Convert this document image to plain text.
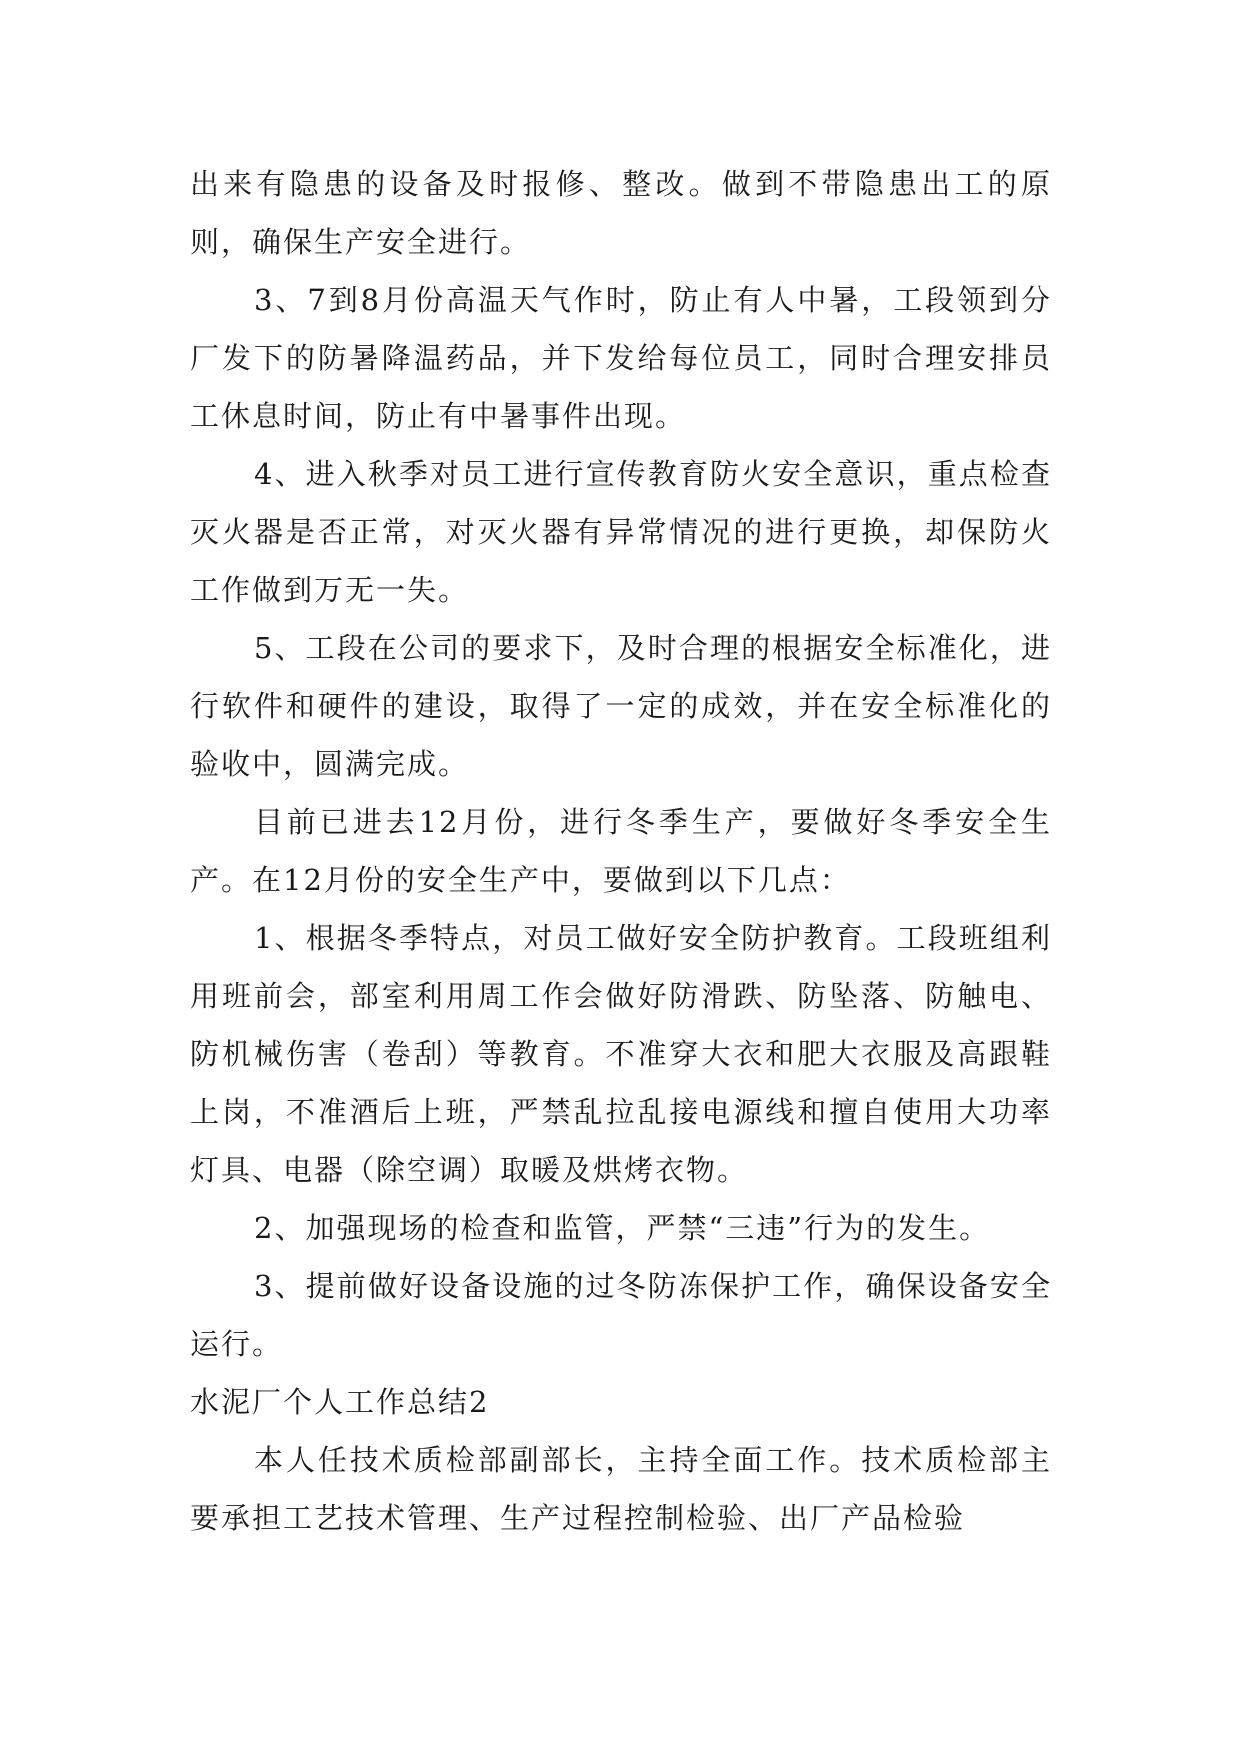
出来有隐患的设备及时报修、整改。做到不带隐患出工的原则，确保生产安全进行。

3、7到8月份高温天气作时，防止有人中暑，工段领到分厂发下的防暑降温药品，并下发给每位员工，同时合理安排员工休息时间，防止有中暑事件出现。

4、进入秋季对员工进行宣传教育防火安全意识，重点检查灭火器是否正常，对灭火器有异常情况的进行更换，却保防火工作做到万无一失。

5、工段在公司的要求下，及时合理的根据安全标准化，进行软件和硬件的建设，取得了一定的成效，并在安全标准化的验收中，圆满完成。

目前已进去12月份，进行冬季生产，要做好冬季安全生产。在12月份的安全生产中，要做到以下几点：

1、根据冬季特点，对员工做好安全防护教育。工段班组利用班前会，部室利用周工作会做好防滑跌、防坠落、防触电、防机械伤害（卷刮）等教育。不准穿大衣和肥大衣服及高跟鞋上岗，不准酒后上班，严禁乱拉乱接电源线和擅自使用大功率灯具、电器（除空调）取暖及烘烤衣物。

2、加强现场的检查和监管，严禁“三违”行为的发生。

3、提前做好设备设施的过冬防冻保护工作，确保设备安全运行。

水泥厂个人工作总结2

本人任技术质检部副部长，主持全面工作。技术质检部主要承担工艺技术管理、生产过程控制检验、出厂产品检验
